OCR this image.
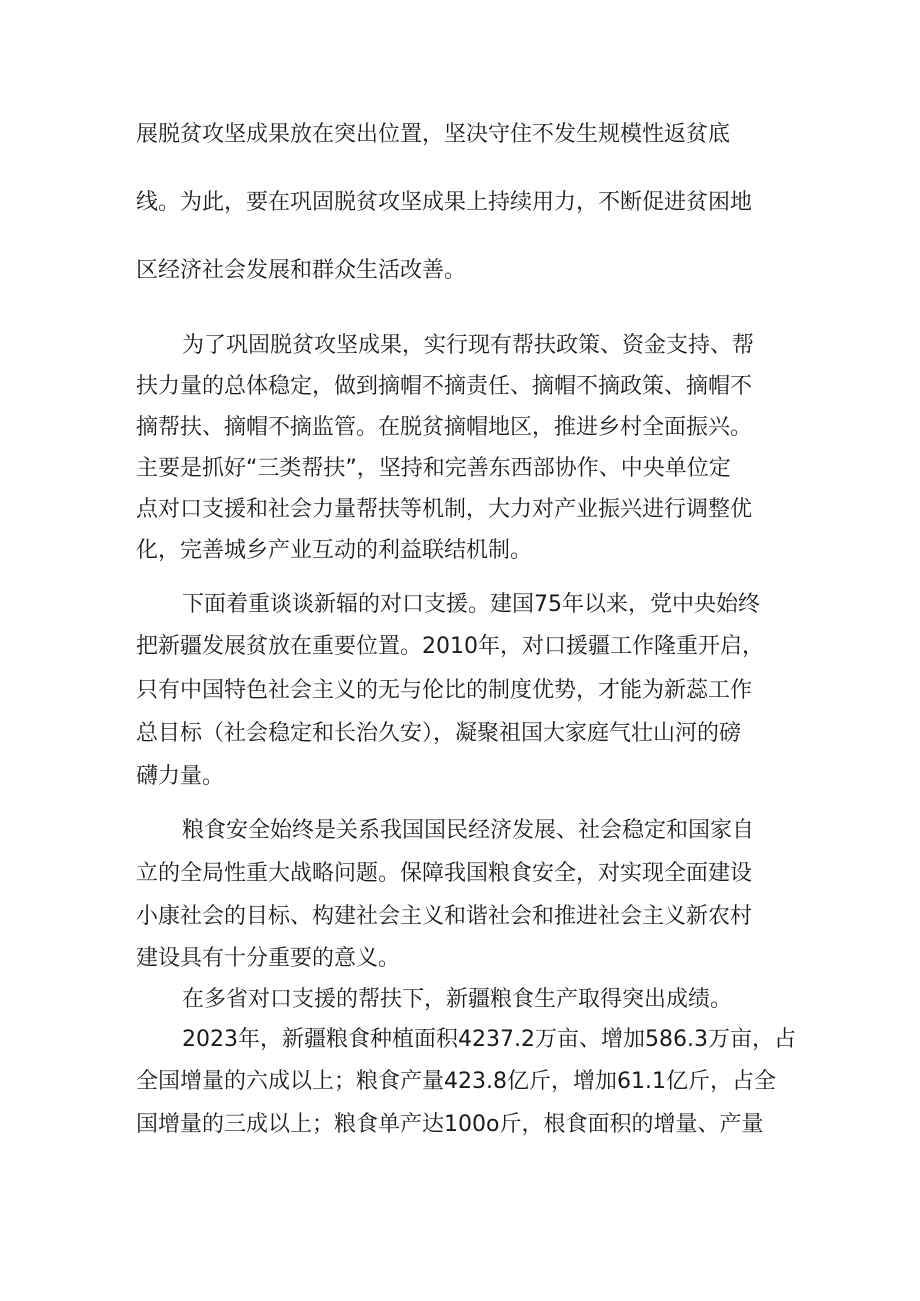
展脱贫攻坚成果放在突出位置，坚决守住不发生规模性返贫底
线。为此，要在巩固脱贫攻坚成果上持续用力，不断促进贫困地
区经济社会发展和群众生活改善。
为了巩固脱贫攻坚成果，实行现有帮扶政策、资金支持、帮
扶力量的总体稳定，做到摘帽不摘责任、摘帽不摘政策、摘帽不
摘帮扶、摘帽不摘监管。在脱贫摘帽地区，推进乡村全面振兴。
主要是抓好“三类帮扶”，坚持和完善东西部协作、中央单位定
点对口支援和社会力量帮扶等机制，大力对产业振兴进行调整优
化，完善城乡产业互动的利益联结机制。
下面着重谈谈新辐的对口支援。建国75年以来，党中央始终
把新疆发展贫放在重要位置。2010年，对口援疆工作隆重开启，
只有中国特色社会主义的无与伦比的制度优势，才能为新蕊工作
总目标（社会稳定和长治久安），凝聚祖国大家庭气壮山河的磅
礴力量。
粮食安全始终是关系我国国民经济发展、社会稳定和国家自
立的全局性重大战略问题。保障我国粮食安全，对实现全面建设
小康社会的目标、构建社会主义和谐社会和推进社会主义新农村
建设具有十分重要的意义。
在多省对口支援的帮扶下，新疆粮食生产取得突出成绩。
2023年，新疆粮食种植面积4237.2万亩、增加586.3万亩，占
全国增量的六成以上；粮食产量423.8亿斤，增加61.1亿斤，占全
国增量的三成以上；粮食单产达100o斤，根食面积的增量、产量
